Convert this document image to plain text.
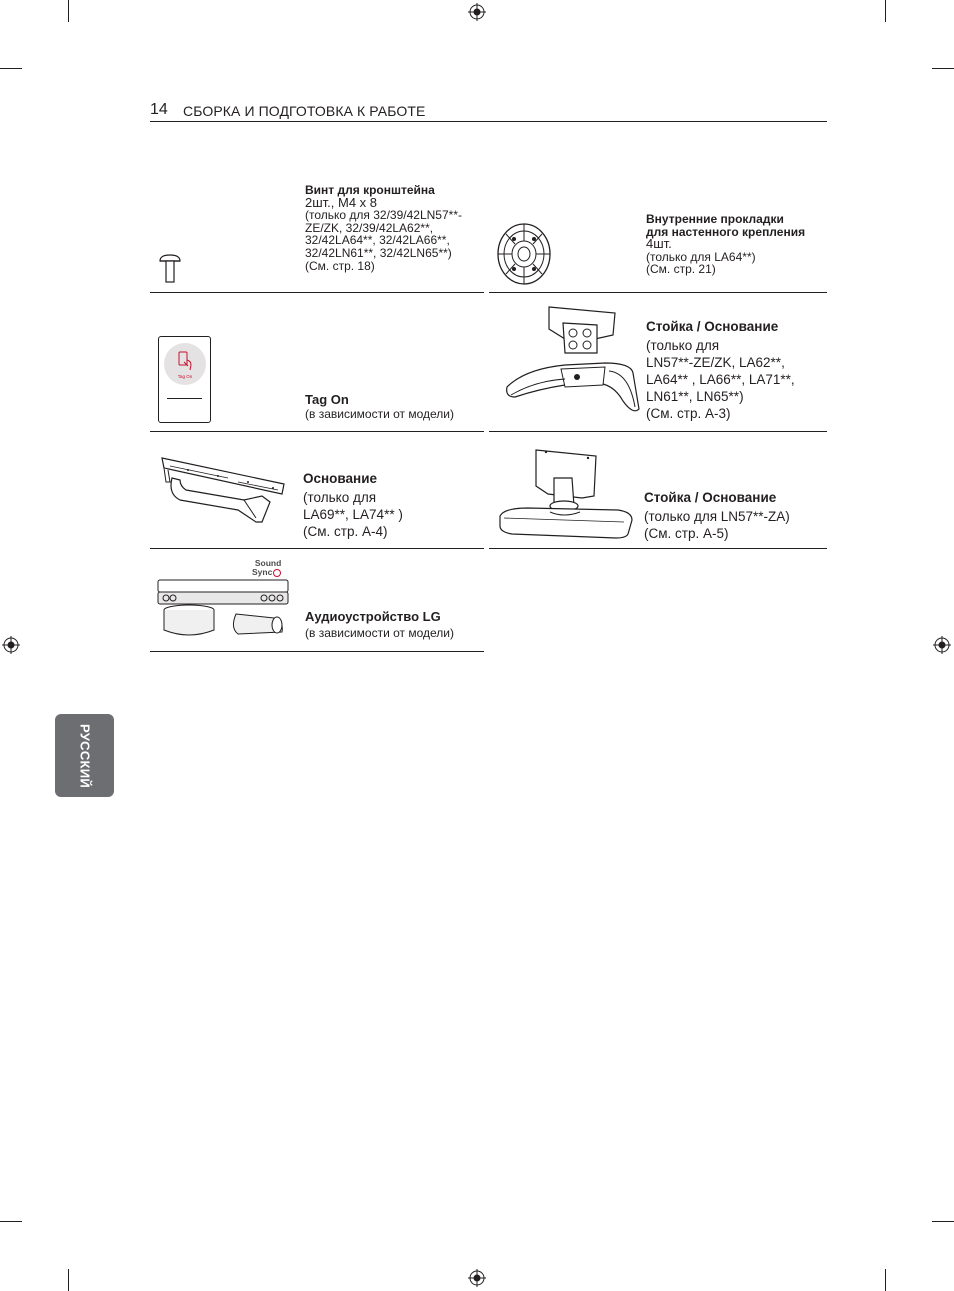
14 СБОРКА И ПОДГОТОВКА К РАБОТЕ
Винт для кронштейна
2шт., M4 x 8
(только для 32/39/42LN57**-
ZE/ZK, 32/39/42LA62**,
32/42LA64**, 32/42LA66**,
32/42LN61**, 32/42LN65**)
(См. стр. 18)
Внутренние прокладки
для настенного крепления
4шт.
(только для LA64**)
(См. стр. 21)
Tag On
Tag On
(в зависимости от модели)
Стойка / Основание
(только для
LN57**-ZE/ZK, LA62**,
LA64** , LA66**, LA71**,
LN61**, LN65**)
(См. стр. A-3)
Основание
(только для
LA69**, LA74** )
(См. стр. A-4)
Стойка / Основание
(только для LN57**-ZA)
(См. стр. A-5)
Sound
Sync
Аудиоустройство LG
(в зависимости от модели)
РУССКИЙ
